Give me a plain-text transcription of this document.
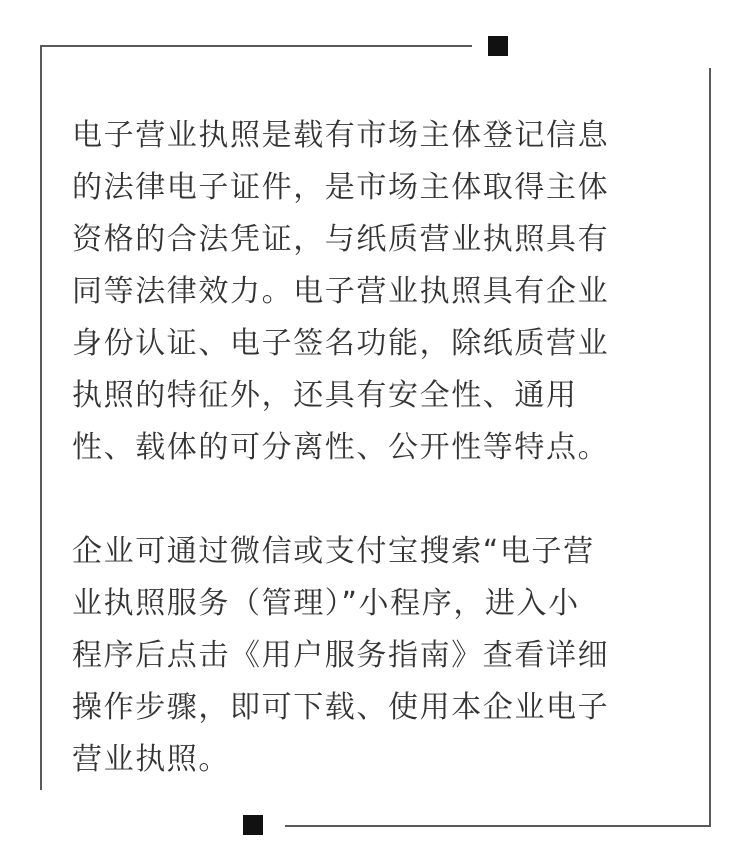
电子营业执照是载有市场主体登记信息
的法律电子证件，是市场主体取得主体
资格的合法凭证，与纸质营业执照具有
同等法律效力。电子营业执照具有企业
身份认证、电子签名功能，除纸质营业
执照的特征外，还具有安全性、通用
性、载体的可分离性、公开性等特点。
企业可通过微信或支付宝搜索“电子营
业执照服务（管理）”小程序，进入小
程序后点击《用户服务指南》查看详细
操作步骤，即可下载、使用本企业电子
营业执照。
